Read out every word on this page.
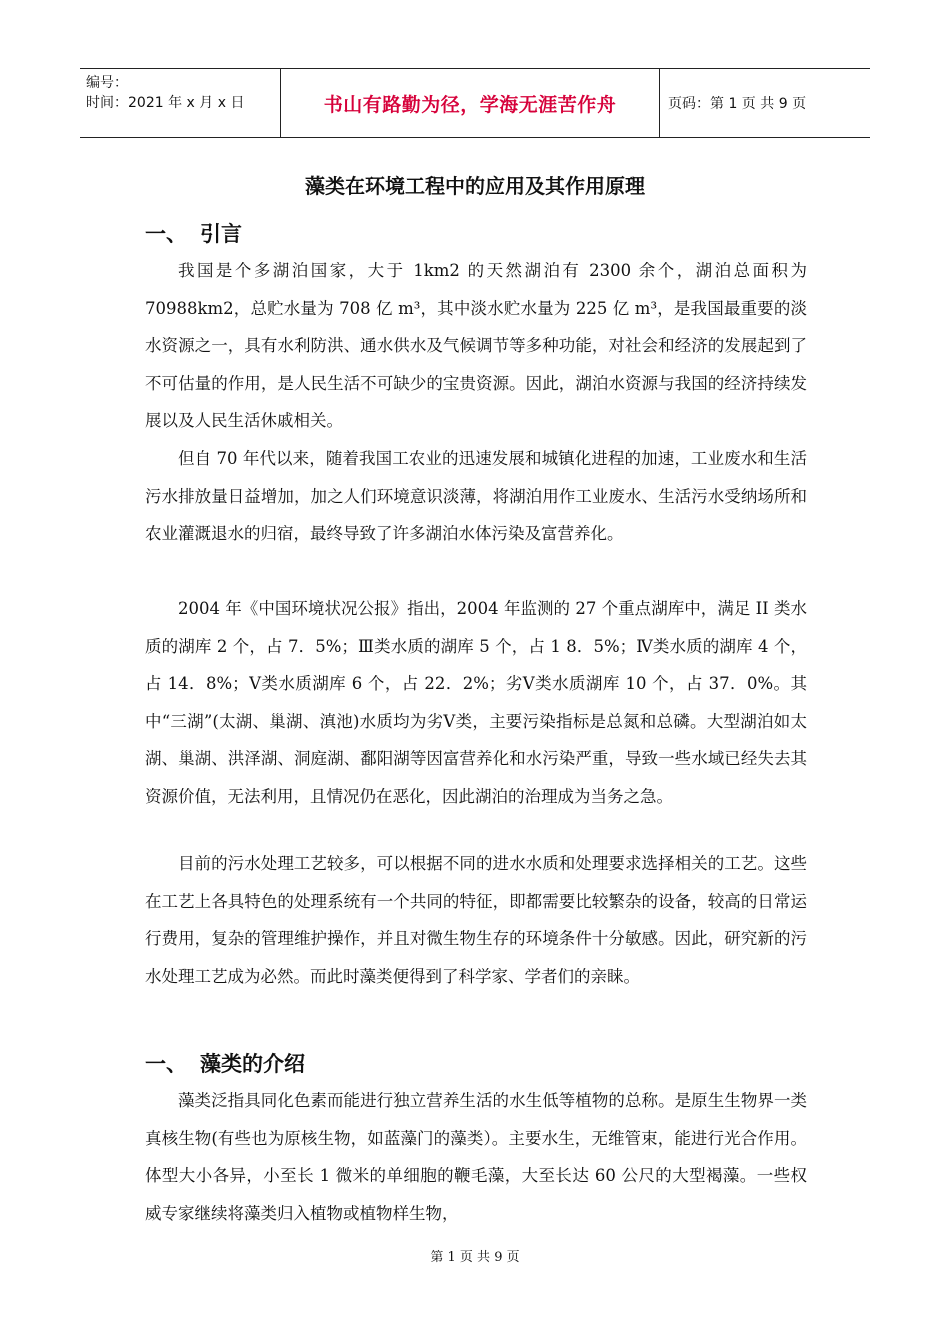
编号：
时间：2021 年 x 月 x 日	书山有路勤为径，学海无涯苦作舟	页码：第 1 页 共 9 页
藻类在环境工程中的应用及其作用原理
一、 引言

我国是个多湖泊国家，大于 1km2 的天然湖泊有 2300 余个，湖泊总面积为 70988km2，总贮水量为 708 亿 m³，其中淡水贮水量为 225 亿 m³，是我国最重要的淡水资源之一，具有水利防洪、通水供水及气候调节等多种功能，对社会和经济的发展起到了不可估量的作用，是人民生活不可缺少的宝贵资源。因此，湖泊水资源与我国的经济持续发展以及人民生活休戚相关。

但自 70 年代以来，随着我国工农业的迅速发展和城镇化进程的加速，工业废水和生活污水排放量日益增加，加之人们环境意识淡薄，将湖泊用作工业废水、生活污水受纳场所和农业灌溉退水的归宿，最终导致了许多湖泊水体污染及富营养化。

2004 年《中国环境状况公报》指出，2004 年监测的 27 个重点湖库中，满足 II 类水质的湖库 2 个，占 7．5%；Ⅲ类水质的湖库 5 个，占 1 8．5%；Ⅳ类水质的湖库 4 个，占 14．8%；Ⅴ类水质湖库 6 个，占 22．2%；劣Ⅴ类水质湖库 10 个，占 37．0%。其中“三湖”(太湖、巢湖、滇池)水质均为劣Ⅴ类，主要污染指标是总氮和总磷。大型湖泊如太湖、巢湖、洪泽湖、洞庭湖、鄱阳湖等因富营养化和水污染严重，导致一些水域已经失去其资源价值，无法利用，且情况仍在恶化，因此湖泊的治理成为当务之急。

目前的污水处理工艺较多，可以根据不同的进水水质和处理要求选择相关的工艺。这些在工艺上各具特色的处理系统有一个共同的特征，即都需要比较繁杂的设备，较高的日常运行费用，复杂的管理维护操作，并且对微生物生存的环境条件十分敏感。因此，研究新的污水处理工艺成为必然。而此时藻类便得到了科学家、学者们的亲睐。

一、 藻类的介绍

藻类泛指具同化色素而能进行独立营养生活的水生低等植物的总称。是原生生物界一类真核生物(有些也为原核生物，如蓝藻门的藻类）。主要水生，无维管束，能进行光合作用。体型大小各异，小至长 1 微米的单细胞的鞭毛藻，大至长达 60 公尺的大型褐藻。一些权威专家继续将藻类归入植物或植物样生物，

第 1 页 共 9 页
